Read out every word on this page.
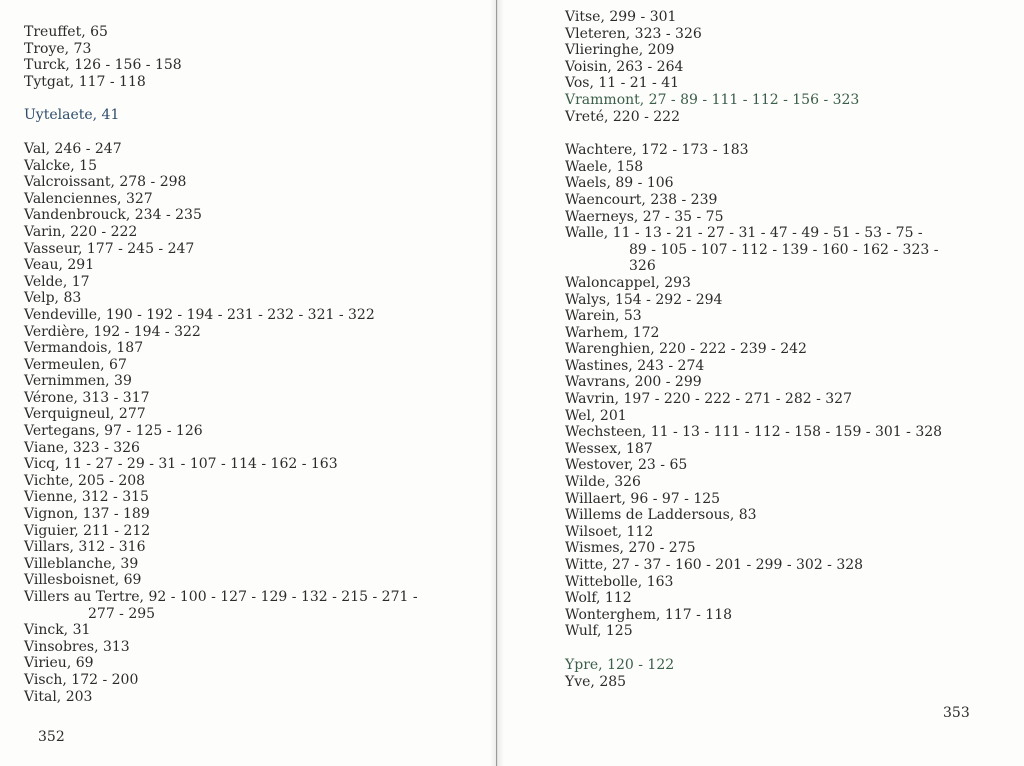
Treuffet, 65
Troye, 73
Turck, 126 - 156 - 158
Tytgat, 117 - 118
Uytelaete, 41
Val, 246 - 247
Valcke, 15
Valcroissant, 278 - 298
Valenciennes, 327
Vandenbrouck, 234 - 235
Varin, 220 - 222
Vasseur, 177 - 245 - 247
Veau, 291
Velde, 17
Velp, 83
Vendeville, 190 - 192 - 194 - 231 - 232 - 321 - 322
Verdière, 192 - 194 - 322
Vermandois, 187
Vermeulen, 67
Vernimmen, 39
Vérone, 313 - 317
Verquigneul, 277
Vertegans, 97 - 125 - 126
Viane, 323 - 326
Vicq, 11 - 27 - 29 - 31 - 107 - 114 - 162 - 163
Vichte, 205 - 208
Vienne, 312 - 315
Vignon, 137 - 189
Viguier, 211 - 212
Villars, 312 - 316
Villeblanche, 39
Villesboisnet, 69
Villers au Tertre, 92 - 100 - 127 - 129 - 132 - 215 - 271 -
277 - 295
Vinck, 31
Vinsobres, 313
Virieu, 69
Visch, 172 - 200
Vital, 203
352
Vitse, 299 - 301
Vleteren, 323 - 326
Vlieringhe, 209
Voisin, 263 - 264
Vos, 11 - 21 - 41
Vrammont, 27 - 89 - 111 - 112 - 156 - 323
Vreté, 220 - 222
Wachtere, 172 - 173 - 183
Waele, 158
Waels, 89 - 106
Waencourt, 238 - 239
Waerneys, 27 - 35 - 75
Walle, 11 - 13 - 21 - 27 - 31 - 47 - 49 - 51 - 53 - 75 -
89 - 105 - 107 - 112 - 139 - 160 - 162 - 323 -
326
Waloncappel, 293
Walys, 154 - 292 - 294
Warein, 53
Warhem, 172
Warenghien, 220 - 222 - 239 - 242
Wastines, 243 - 274
Wavrans, 200 - 299
Wavrin, 197 - 220 - 222 - 271 - 282 - 327
Wel, 201
Wechsteen, 11 - 13 - 111 - 112 - 158 - 159 - 301 - 328
Wessex, 187
Westover, 23 - 65
Wilde, 326
Willaert, 96 - 97 - 125
Willems de Laddersous, 83
Wilsoet, 112
Wismes, 270 - 275
Witte, 27 - 37 - 160 - 201 - 299 - 302 - 328
Wittebolle, 163
Wolf, 112
Wonterghem, 117 - 118
Wulf, 125
Ypre, 120 - 122
Yve, 285
353
